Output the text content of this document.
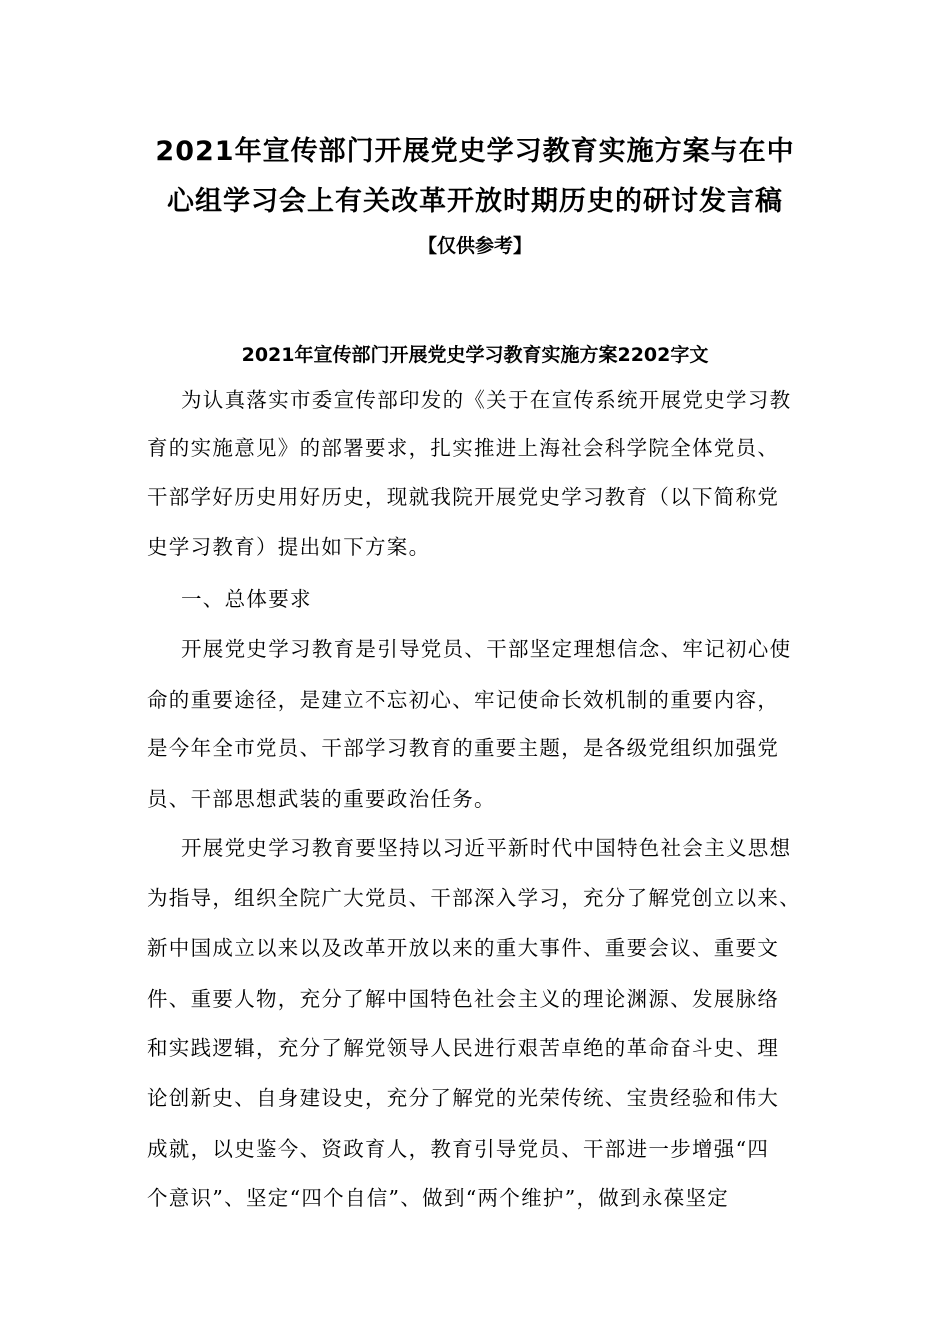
2021年宣传部门开展党史学习教育实施方案与在中
心组学习会上有关改革开放时期历史的研讨发言稿
【仅供参考】
2021年宣传部门开展党史学习教育实施方案2202字文
为认真落实市委宣传部印发的《关于在宣传系统开展党史学习教
育的实施意见》的部署要求，扎实推进上海社会科学院全体党员、
干部学好历史用好历史，现就我院开展党史学习教育（以下简称党
史学习教育）提出如下方案。
一、总体要求
开展党史学习教育是引导党员、干部坚定理想信念、牢记初心使
命的重要途径，是建立不忘初心、牢记使命长效机制的重要内容，
是今年全市党员、干部学习教育的重要主题，是各级党组织加强党
员、干部思想武装的重要政治任务。
开展党史学习教育要坚持以习近平新时代中国特色社会主义思想
为指导，组织全院广大党员、干部深入学习，充分了解党创立以来、
新中国成立以来以及改革开放以来的重大事件、重要会议、重要文
件、重要人物，充分了解中国特色社会主义的理论渊源、发展脉络
和实践逻辑，充分了解党领导人民进行艰苦卓绝的革命奋斗史、理
论创新史、自身建设史，充分了解党的光荣传统、宝贵经验和伟大
成就，以史鉴今、资政育人，教育引导党员、干部进一步增强“四
个意识”、坚定“四个自信”、做到“两个维护”，做到永葆坚定
